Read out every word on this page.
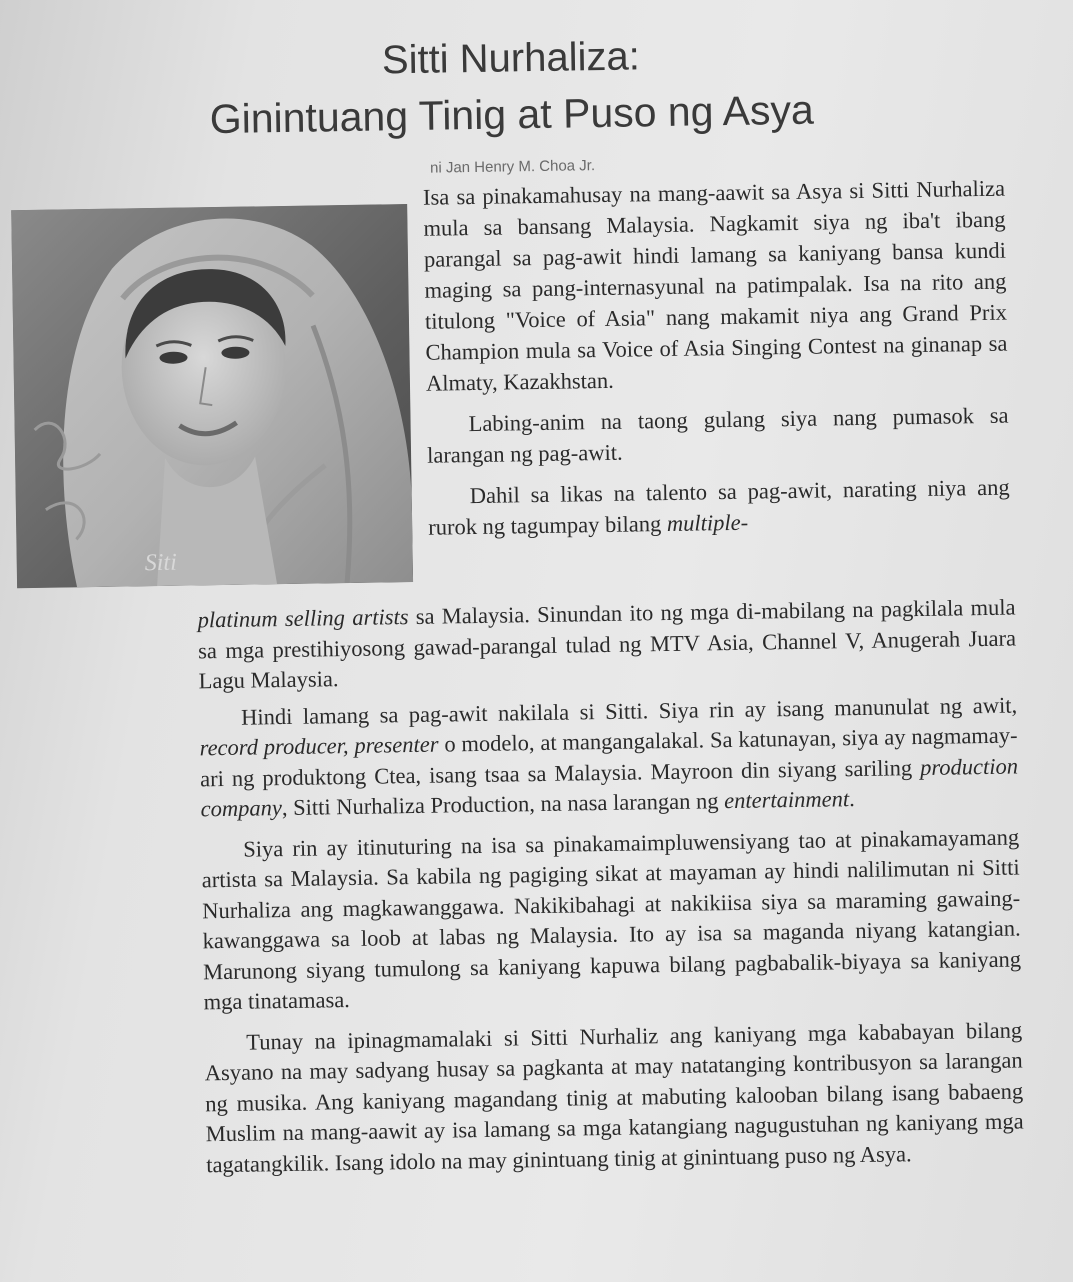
Sitti Nurhaliza:
Ginintuang Tinig at Puso ng Asya
ni Jan Henry M. Choa Jr.
Siti

Isa sa pinakamahusay na mang-aawit sa Asya si Sitti Nurhaliza mula sa bansang Malaysia. Nagkamit siya ng iba't ibang parangal sa pag-awit hindi lamang sa kaniyang bansa kundi maging sa pang-internasyunal na patimpalak. Isa na rito ang titulong "Voice of Asia" nang makamit niya ang Grand Prix Champion mula sa Voice of Asia Singing Contest na ginanap sa Almaty, Kazakhstan.

Labing-anim na taong gulang siya nang pumasok sa larangan ng pag-awit.

Dahil sa likas na talento sa pag-awit, narating niya ang rurok ng tagumpay bilang multiple-

platinum selling artists sa Malaysia. Sinundan ito ng mga di-mabilang na pagkilala mula sa mga prestihiyosong gawad-parangal tulad ng MTV Asia, Channel V, Anugerah Juara Lagu Malaysia.

Hindi lamang sa pag-awit nakilala si Sitti. Siya rin ay isang manunulat ng awit, record producer, presenter o modelo, at mangangalakal. Sa katunayan, siya ay nagmamay-ari ng produktong Ctea, isang tsaa sa Malaysia. Mayroon din siyang sariling production company, Sitti Nurhaliza Production, na nasa larangan ng entertainment.

Siya rin ay itinuturing na isa sa pinakamaimpluwensiyang tao at pinakamayamang artista sa Malaysia. Sa kabila ng pagiging sikat at mayaman ay hindi nalilimutan ni Sitti Nurhaliza ang magkawanggawa. Nakikibahagi at nakikiisa siya sa maraming gawaing-kawanggawa sa loob at labas ng Malaysia. Ito ay isa sa maganda niyang katangian. Marunong siyang tumulong sa kaniyang kapuwa bilang pagbabalik-biyaya sa kaniyang mga tinatamasa.

Tunay na ipinagmamalaki si Sitti Nurhaliz ang kaniyang mga kababayan bilang Asyano na may sadyang husay sa pagkanta at may natatanging kontribusyon sa larangan ng musika. Ang kaniyang magandang tinig at mabuting kalooban bilang isang babaeng Muslim na mang-aawit ay isa lamang sa mga katangiang nagugustuhan ng kaniyang mga tagatangkilik. Isang idolo na may ginintuang tinig at ginintuang puso ng Asya.
